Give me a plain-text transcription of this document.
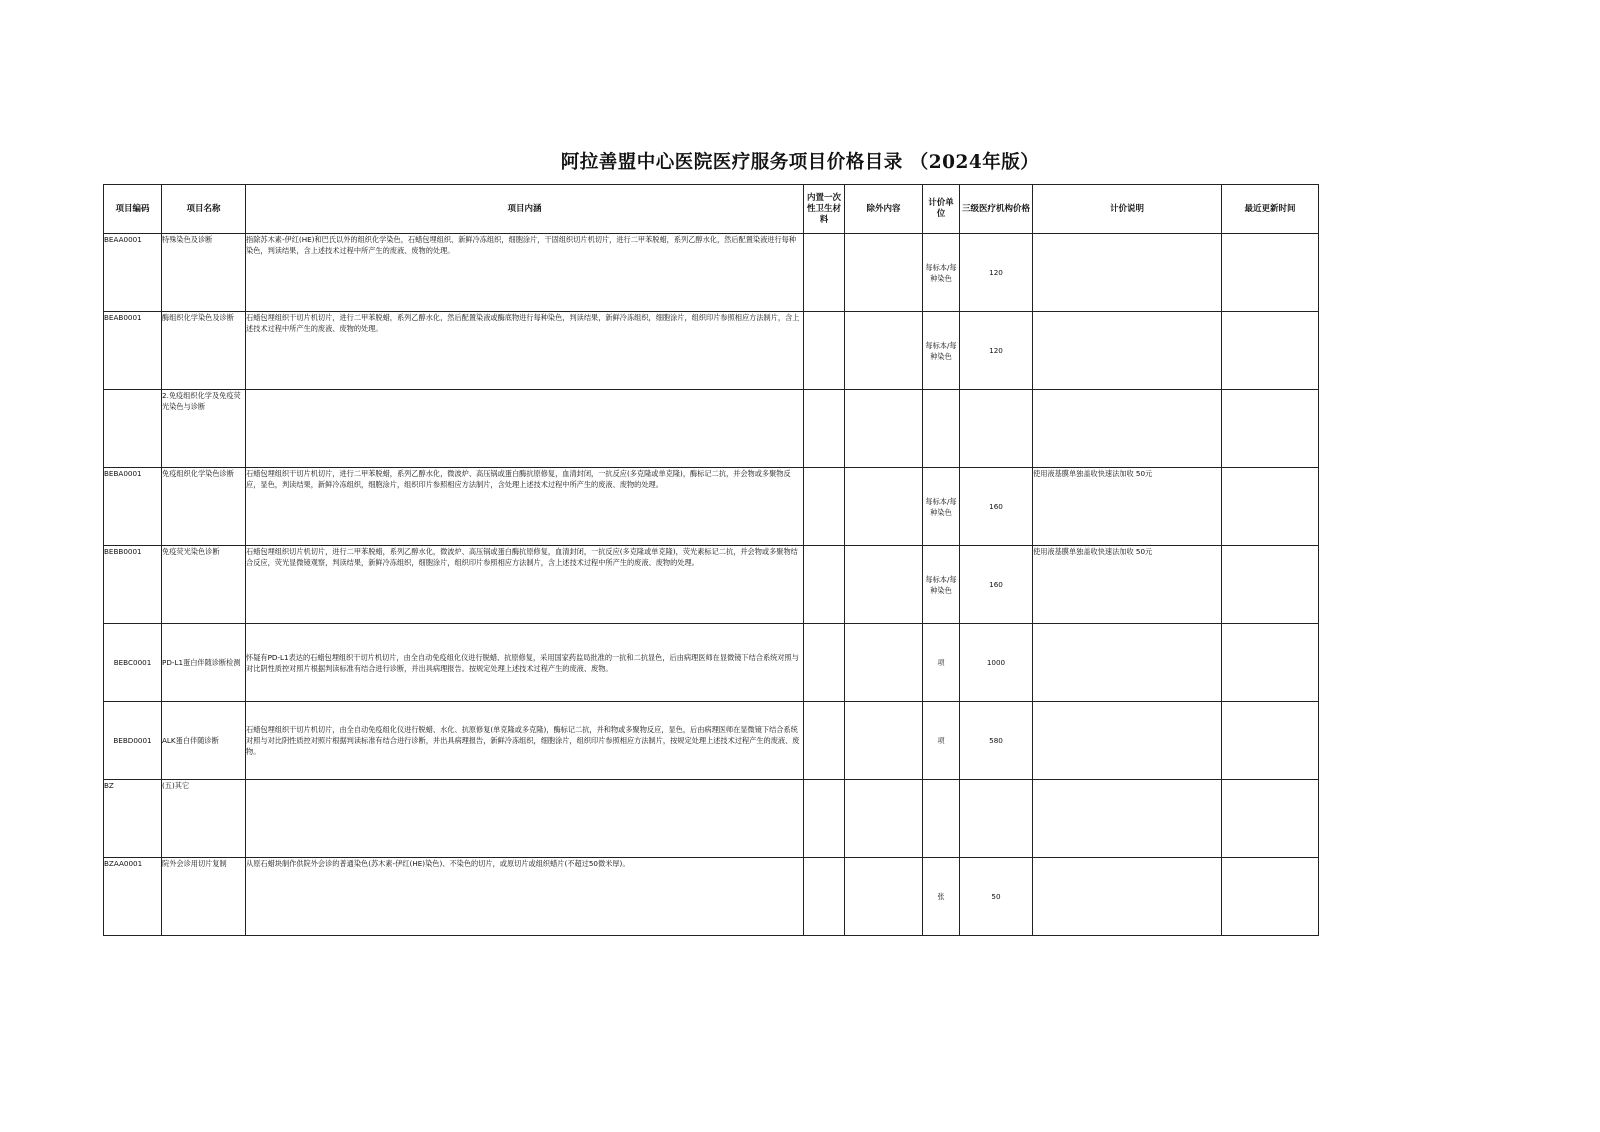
阿拉善盟中心医院医疗服务项目价格目录 （2024年版）
项目编码	项目名称	项目内涵	内置一次性卫生材料	除外内容	计价单位	三级医疗机构价格	计价说明	最近更新时间
BEAA0001	特殊染色及诊断	指除苏木素-伊红(HE)和巴氏以外的组织化学染色，石蜡包埋组织、新鲜冷冻组织，细胞涂片，干固组织切片机切片，进行二甲苯脱蜡，系列乙醇水化，然后配置染液进行每种染色，判读结果，含上述技术过程中所产生的废液、废物的处理。			每标本/每种染色	120		
BEAB0001	酶组织化学染色及诊断	石蜡包埋组织干切片机切片，进行二甲苯脱蜡，系列乙醇水化，然后配置染液或酶底物进行每种染色，判读结果，新鲜冷冻组织，细胞涂片，组织印片参照相应方法制片，含上述技术过程中所产生的废液、废物的处理。			每标本/每种染色	120		
	2.免疫组织化学及免疫荧光染色与诊断							
BEBA0001	免疫组织化学染色诊断	石蜡包埋组织干切片机切片，进行二甲苯脱蜡，系列乙醇水化，微波炉、高压锅或蛋白酶抗原修复，血清封闭，一抗反应(多克隆或单克隆)，酶标记二抗，并会物或多聚物反应，显色，判读结果，新鲜冷冻组织，细胞涂片，组织印片参照相应方法制片，含处理上述技术过程中所产生的废液、废物的处理。			每标本/每种染色	160	使用液基膜单独盖收快速法加收 50元	
BEBB0001	免疫荧光染色诊断	石蜡包埋组织切片机切片，进行二甲苯脱蜡，系列乙醇水化，微波炉、高压锅或蛋白酶抗原修复，血清封闭，一抗反应(多克隆或单克隆)，荧光素标记二抗，并会物或多聚物结合反应，荧光显微镜观察，判读结果，新鲜冷冻组织，细胞涂片，组织印片参照相应方法制片，含上述技术过程中所产生的废液、废物的处理。			每标本/每种染色	160	使用液基膜单独盖收快速法加收 50元	
BEBC0001	PD-L1蛋白伴随诊断检测	怀疑有PD-L1表达的石蜡包埋组织干切片机切片，由全自动免疫组化仪进行脱蜡、抗原修复，采用国家药监局批准的一抗和二抗显色，后由病理医师在显微镜下结合系统对照与对比阴性质控对照片根据判读标准有结合进行诊断，并出具病理报告。按规定处理上述技术过程产生的废液、废物。			项	1000		
BEBD0001	ALK蛋白伴随诊断	石蜡包埋组织干切片机切片，由全自动免疫组化仪进行脱蜡、水化、抗原修复(单克隆或多克隆)，酶标记二抗，并和物或多聚物反应，显色，后由病理医师在显微镜下结合系统对照与对比阴性质控对照片根据判读标准有结合进行诊断，并出具病理报告，新鲜冷冻组织，细胞涂片，组织印片参照相应方法制片，按规定处理上述技术过程产生的废液、废物。			项	580		
BZ	(五)其它							
BZAA0001	院外会诊用切片复制	从原石蜡块制作供院外会诊的普通染色(苏木素-伊红(HE)染色)、不染色的切片，或原切片或组织蜡片(不超过50微米厚)。			张	50		
